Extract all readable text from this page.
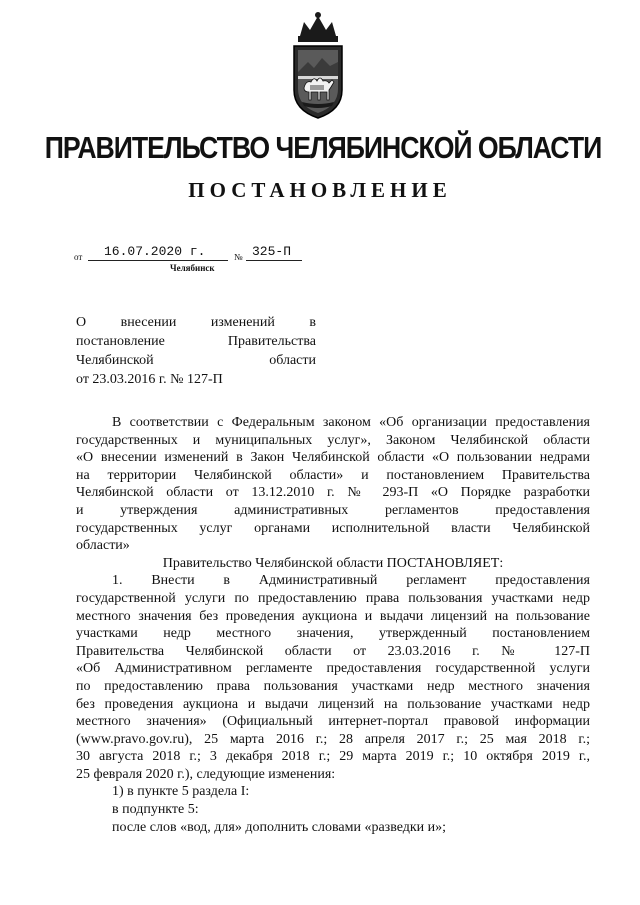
ПРАВИТЕЛЬСТВО ЧЕЛЯБИНСКОЙ ОБЛАСТИ
ПОСТАНОВЛЕНИЕ
от 16.07.2020 г.	№ 325-П
Челябинск
О внесении изменений в
постановление Правительства
Челябинской области
от 23.03.2016 г. № 127-П
В соответствии с Федеральным законом «Об организации предоставления
государственных и муниципальных услуг», Законом Челябинской области
«О внесении изменений в Закон Челябинской области «О пользовании недрами
на территории Челябинской области» и постановлением Правительства
Челябинской области от 13.12.2010 г. № 293-П «О Порядке разработки
и утверждения административных регламентов предоставления
государственных услуг органами исполнительной власти Челябинской
области»
Правительство Челябинской области ПОСТАНОВЛЯЕТ:
1. Внести в Административный регламент предоставления
государственной услуги по предоставлению права пользования участками недр
местного значения без проведения аукциона и выдачи лицензий на пользование
участками недр местного значения, утвержденный постановлением
Правительства Челябинской области от 23.03.2016 г. № 127-П
«Об Административном регламенте предоставления государственной услуги
по предоставлению права пользования участками недр местного значения
без проведения аукциона и выдачи лицензий на пользование участками недр
местного значения» (Официальный интернет-портал правовой информации
(www.pravo.gov.ru), 25 марта 2016 г.; 28 апреля 2017 г.; 25 мая 2018 г.;
30 августа 2018 г.; 3 декабря 2018 г.; 29 марта 2019 г.; 10 октября 2019 г.,
25 февраля 2020 г.), следующие изменения:
1) в пункте 5 раздела I:
в подпункте 5:
после слов «вод, для» дополнить словами «разведки и»;
